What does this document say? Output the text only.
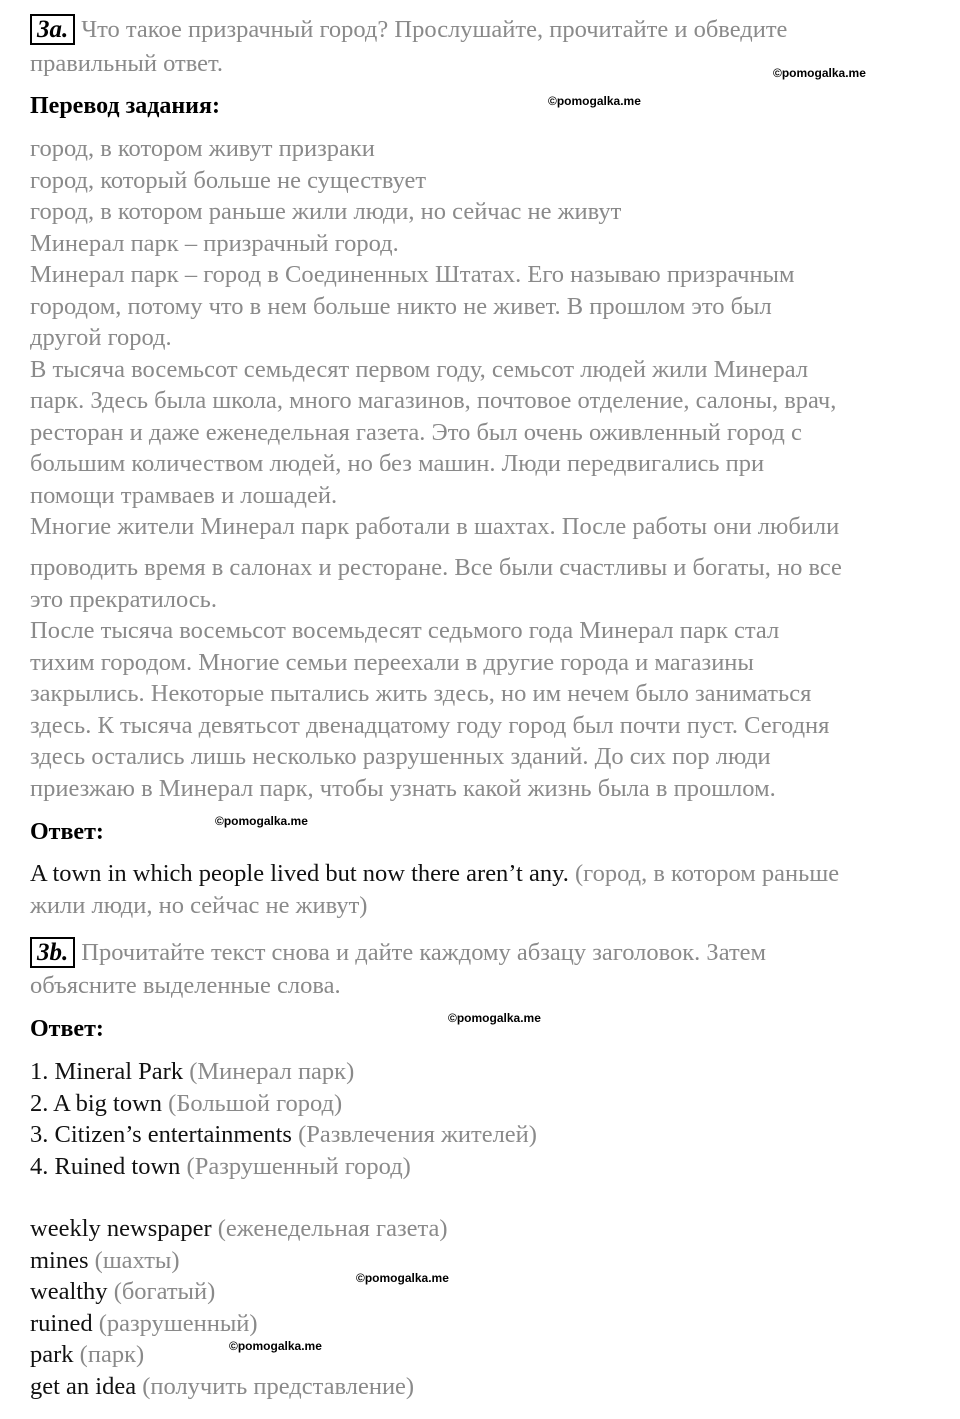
3a. Что такое призрачный город? Прослушайте, прочитайте и обведите
правильный ответ.	©pomogalka.me
Перевод задания:	©pomogalka.me
город, в котором живут призраки
город, который больше не существует
город, в котором раньше жили люди, но сейчас не живут
Минерал парк – призрачный город.
Минерал парк – город в Соединенных Штатах. Его называю призрачным
городом, потому что в нем больше никто не живет. В прошлом это был
другой город.
В тысяча восемьсот семьдесят первом году, семьсот людей жили Минерал
парк. Здесь была школа, много магазинов, почтовое отделение, салоны, врач,
ресторан и даже еженедельная газета. Это был очень оживленный город с
большим количеством людей, но без машин. Люди передвигались при
помощи трамваев и лошадей.
Многие жители Минерал парк работали в шахтах. После работы они любили
проводить время в салонах и ресторане. Все были счастливы и богаты, но все
это прекратилось.
После тысяча восемьсот восемьдесят седьмого года Минерал парк стал
тихим городом. Многие семьи переехали в другие города и магазины
закрылись. Некоторые пытались жить здесь, но им нечем было заниматься
здесь. К тысяча девятьсот двенадцатому году город был почти пуст. Сегодня
здесь остались лишь несколько разрушенных зданий. До сих пор люди
приезжаю в Минерал парк, чтобы узнать какой жизнь была в прошлом.
Ответ:	©pomogalka.me
A town in which people lived but now there aren’t any. (город, в котором раньше
жили люди, но сейчас не живут)
3b. Прочитайте текст снова и дайте каждому абзацу заголовок. Затем
объясните выделенные слова.
Ответ:	©pomogalka.me
1. Mineral Park (Минерал парк)
2. A big town (Большой город)
3. Citizen’s entertainments (Развлечения жителей)
4. Ruined town (Разрушенный город)
weekly newspaper (еженедельная газета)
mines (шахты)
wealthy (богатый)
ruined (разрушенный)
park (парк)
get an idea (получить представление)
©pomogalka.me
©pomogalka.me
